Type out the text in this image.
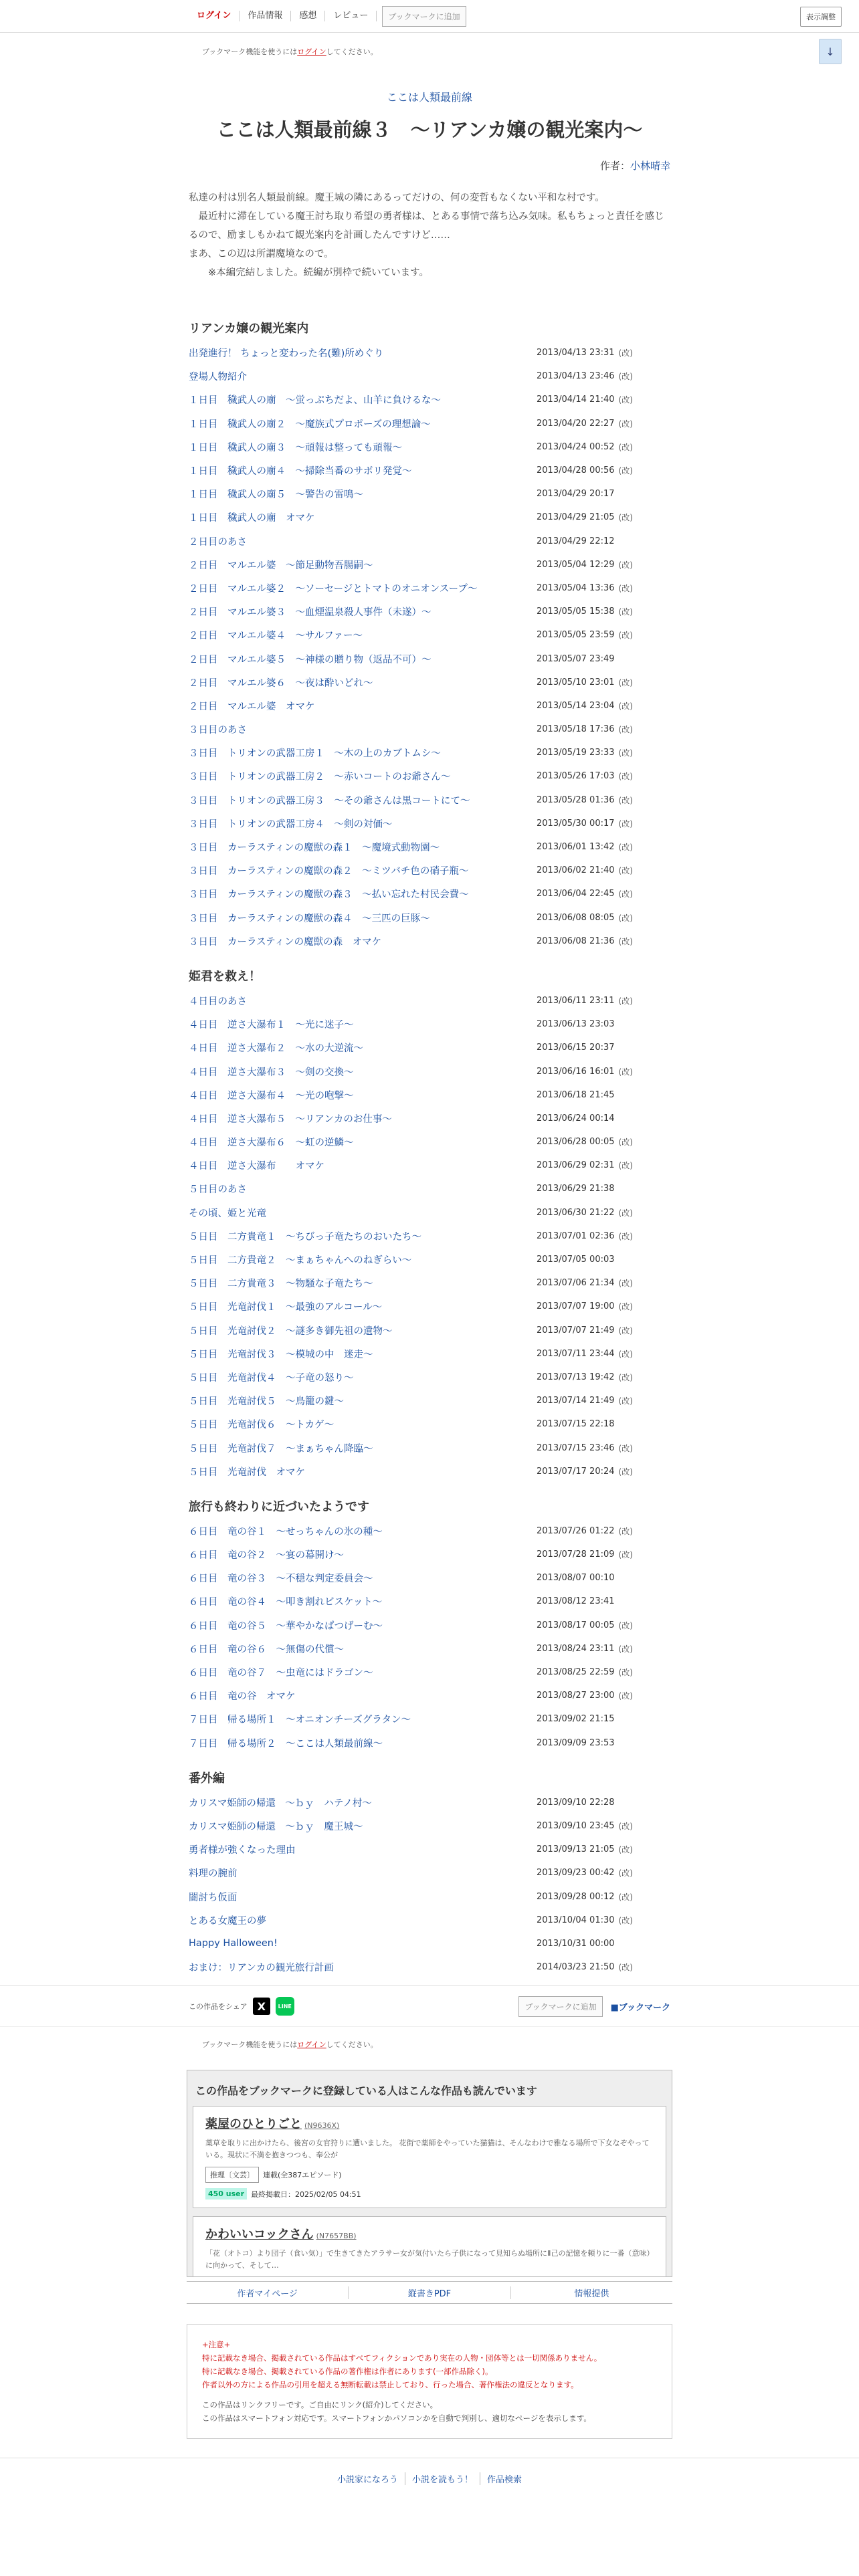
ログイン	作品情報	感想	レビュー	ブックマークに追加	表示調整
↓
ブックマーク機能を使うにはログインしてください。
ここは人類最前線
ここは人類最前線３　～リアンカ嬢の観光案内～
作者：小林晴幸

私達の村は別名人類最前線。魔王城の隣にあるってだけの、何の変哲もなくない平和な村です。

　最近村に滞在している魔王討ち取り希望の勇者様は、とある事情で落ち込み気味。私もちょっと責任を感じるので、励ましもかねて観光案内を計画したんですけど……

まあ、この辺は所謂魔境なので。

　　※本編完結しました。続編が別枠で続いています。

リアンカ嬢の観光案内
出発進行！ ちょっと変わった名(難)所めぐり	2013/04/13 23:31 (改)
登場人物紹介	2013/04/13 23:46 (改)
１日目　穢武人の廟　～蛍っぷちだよ、山羊に負けるな～	2013/04/14 21:40 (改)
１日目　穢武人の廟２　～魔族式プロポーズの理想論～	2013/04/20 22:27 (改)
１日目　穢武人の廟３　～頑報は整っても頑報～	2013/04/24 00:52 (改)
１日目　穢武人の廟４　～掃除当番のサボリ発覚～	2013/04/28 00:56 (改)
１日目　穢武人の廟５　～警告の雷鳴～	2013/04/29 20:17
１日目　穢武人の廟　オマケ	2013/04/29 21:05 (改)
２日目のあさ	2013/04/29 22:12
２日目　マルエル婆　～節足動物吾腸嗣～	2013/05/04 12:29 (改)
２日目　マルエル婆２　～ソーセージとトマトのオニオンスープ～	2013/05/04 13:36 (改)
２日目　マルエル婆３　～血煙温泉殺人事件（未遂）～	2013/05/05 15:38 (改)
２日目　マルエル婆４　～サルファー～	2013/05/05 23:59 (改)
２日目　マルエル婆５　～神様の贈り物（返品不可）～	2013/05/07 23:49
２日目　マルエル婆６　～夜は酔いどれ～	2013/05/10 23:01 (改)
２日目　マルエル婆　オマケ	2013/05/14 23:04 (改)
３日目のあさ	2013/05/18 17:36 (改)
３日目　トリオンの武器工房１　～木の上のカブトムシ～	2013/05/19 23:33 (改)
３日目　トリオンの武器工房２　～赤いコートのお爺さん～	2013/05/26 17:03 (改)
３日目　トリオンの武器工房３　～その爺さんは黒コートにて～	2013/05/28 01:36 (改)
３日目　トリオンの武器工房４　～剣の対価～	2013/05/30 00:17 (改)
３日目　カーラスティンの魔獣の森１　～魔境式動物園～	2013/06/01 13:42 (改)
３日目　カーラスティンの魔獣の森２　～ミツバチ色の硝子瓶～	2013/06/02 21:40 (改)
３日目　カーラスティンの魔獣の森３　～払い忘れた村民会費～	2013/06/04 22:45 (改)
３日目　カーラスティンの魔獣の森４　～三匹の巨豚～	2013/06/08 08:05 (改)
３日目　カーラスティンの魔獣の森　オマケ	2013/06/08 21:36 (改)
姫君を救え！
４日目のあさ	2013/06/11 23:11 (改)
４日目　逆さ大瀑布１　～光に迷子～	2013/06/13 23:03
４日目　逆さ大瀑布２　～水の大逆流～	2013/06/15 20:37
４日目　逆さ大瀑布３　～剣の交換～	2013/06/16 16:01 (改)
４日目　逆さ大瀑布４　～光の咆撃～	2013/06/18 21:45
４日目　逆さ大瀑布５　～リアンカのお仕事～	2013/06/24 00:14
４日目　逆さ大瀑布６　～虹の逆鱗～	2013/06/28 00:05 (改)
４日目　逆さ大瀑布　　オマケ	2013/06/29 02:31 (改)
５日目のあさ	2013/06/29 21:38
その頃、姫と光竜	2013/06/30 21:22 (改)
５日目　二方貴竜１　～ちびっ子竜たちのおいたち～	2013/07/01 02:36 (改)
５日目　二方貴竜２　～まぁちゃんへのねぎらい～	2013/07/05 00:03
５日目　二方貴竜３　～物騒な子竜たち～	2013/07/06 21:34 (改)
５日目　光竜討伐１　～最強のアルコール～	2013/07/07 19:00 (改)
５日目　光竜討伐２　～謎多き御先祖の遺物～	2013/07/07 21:49 (改)
５日目　光竜討伐３　～模城の中　迷走～	2013/07/11 23:44 (改)
５日目　光竜討伐４　～子竜の怒り～	2013/07/13 19:42 (改)
５日目　光竜討伐５　～鳥籠の鍵～	2013/07/14 21:49 (改)
５日目　光竜討伐６　～トカゲ～	2013/07/15 22:18
５日目　光竜討伐７　～まぁちゃん降臨～	2013/07/15 23:46 (改)
５日目　光竜討伐　オマケ	2013/07/17 20:24 (改)
旅行も終わりに近づいたようです
６日目　竜の谷１　～せっちゃんの氷の種～	2013/07/26 01:22 (改)
６日目　竜の谷２　～宴の幕開け～	2013/07/28 21:09 (改)
６日目　竜の谷３　～不穏な判定委員会～	2013/08/07 00:10
６日目　竜の谷４　～叩き割れビスケット～	2013/08/12 23:41
６日目　竜の谷５　～華やかなぱつげーむ～	2013/08/17 00:05 (改)
６日目　竜の谷６　～無傷の代償～	2013/08/24 23:11 (改)
６日目　竜の谷７　～虫竜にはドラゴン～	2013/08/25 22:59 (改)
６日目　竜の谷　オマケ	2013/08/27 23:00 (改)
７日目　帰る場所１　～オニオンチーズグラタン～	2013/09/02 21:15
７日目　帰る場所２　～ここは人類最前線～	2013/09/09 23:53
番外編
カリスマ姫師の帰還　～ｂｙ　ハテノ村～	2013/09/10 22:28
カリスマ姫師の帰還　～ｂｙ　魔王城～	2013/09/10 23:45 (改)
勇者様が強くなった理由	2013/09/13 21:05 (改)
料理の腕前	2013/09/23 00:42 (改)
闇討ち仮面	2013/09/28 00:12 (改)
とある女魔王の夢	2013/10/04 01:30 (改)
Happy Halloween!	2013/10/31 00:00
おまけ：リアンカの観光旅行計画	2014/03/23 21:50 (改)
この作品をシェア X	LINE	ブックマークに追加	■ブックマーク
ブックマーク機能を使うにはログインしてください。
この作品をブックマークに登録している人はこんな作品も読んでいます
薬屋のひとりごと (N9636X)
薬草を取りに出かけたら、後宮の女官狩りに遭いました。 花街で薬師をやっていた猫猫は、そんなわけで雅なる場所で下女なぞやっている。現状に不満を抱きつつも、奉公が
推理〔文芸〕	連載(全387エピソード)
450 user 最終掲載日：2025/02/05 04:51
かわいいコックさん (N7657BB)
「花（オトコ）より団子（食い気）」で生きてきたアラサー女が気付いたら子供になって見知らぬ場所にⅡ己の記憶を頼りに一番（意味）に向かって、そして…
作者マイページ	縦書きPDF	情報提供
+注意+
特に記載なき場合、掲載されている作品はすべてフィクションであり実在の人物・団体等とは一切関係ありません。
特に記載なき場合、掲載されている作品の著作権は作者にあります(一部作品除く)。
作者以外の方による作品の引用を超える無断転載は禁止しており、行った場合、著作権法の違反となります。
この作品はリンクフリーです。ご自由にリンク(紹介)してください。
この作品はスマートフォン対応です。スマートフォンかパソコンかを自動で判別し、適切なページを表示します。
小説家になろう	小説を読もう！	作品検索
